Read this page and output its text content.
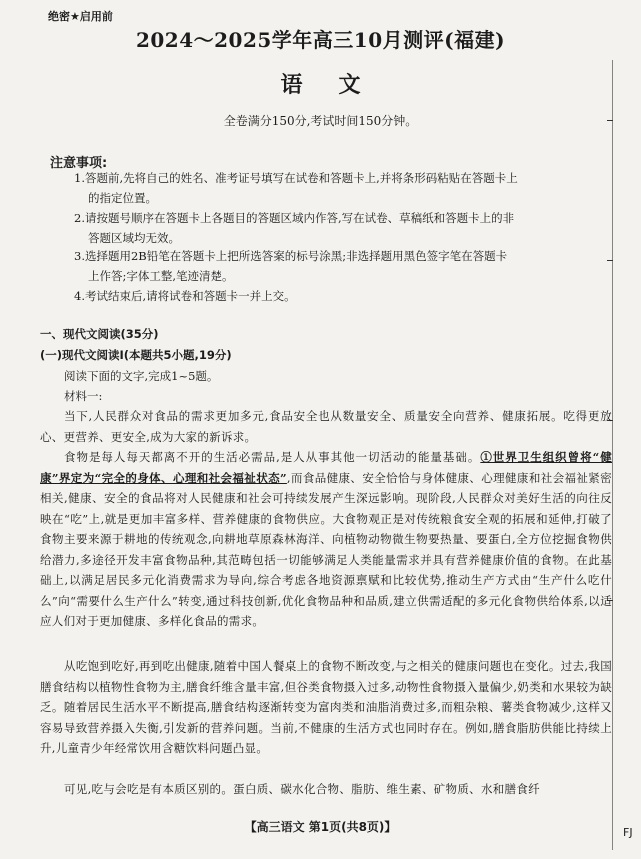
绝密★启用前
2024～2025学年高三10月测评(福建)
语文
全卷满分150分,考试时间150分钟。
注意事项:
1.答题前,先将自己的姓名、准考证号填写在试卷和答题卡上,并将条形码粘贴在答题卡上
的指定位置。
2.请按题号顺序在答题卡上各题目的答题区域内作答,写在试卷、草稿纸和答题卡上的非
答题区域均无效。
3.选择题用2B铅笔在答题卡上把所选答案的标号涂黑;非选择题用黑色签字笔在答题卡
上作答;字体工整,笔迹清楚。
4.考试结束后,请将试卷和答题卡一并上交。
一、现代文阅读(35分)
(一)现代文阅读Ⅰ(本题共5小题,19分)
阅读下面的文字,完成1~5题。
材料一:
当下,人民群众对食品的需求更加多元,食品安全也从数量安全、质量安全向营养、健康拓展。吃得更放心、更营养、更安全,成为大家的新诉求。
食物是每人每天都离不开的生活必需品,是人从事其他一切活动的能量基础。①世界卫生组织曾将“健康”界定为“完全的身体、心理和社会福祉状态”,而食品健康、安全恰恰与身体健康、心理健康和社会福祉紧密相关,健康、安全的食品将对人民健康和社会可持续发展产生深远影响。现阶段,人民群众对美好生活的向往反映在“吃”上,就是更加丰富多样、营养健康的食物供应。大食物观正是对传统粮食安全观的拓展和延伸,打破了食物主要来源于耕地的传统观念,向耕地草原森林海洋、向植物动物微生物要热量、要蛋白,全方位挖掘食物供给潜力,多途径开发丰富食物品种,其范畴包括一切能够满足人类能量需求并具有营养健康价值的食物。在此基础上,以满足居民多元化消费需求为导向,综合考虑各地资源禀赋和比较优势,推动生产方式由“生产什么吃什么”向“需要什么生产什么”转变,通过科技创新,优化食物品种和品质,建立供需适配的多元化食物供给体系,以适应人们对于更加健康、多样化食品的需求。
从吃饱到吃好,再到吃出健康,随着中国人餐桌上的食物不断改变,与之相关的健康问题也在变化。过去,我国膳食结构以植物性食物为主,膳食纤维含量丰富,但谷类食物摄入过多,动物性食物摄入量偏少,奶类和水果较为缺乏。随着居民生活水平不断提高,膳食结构逐渐转变为富肉类和油脂消费过多,而粗杂粮、薯类食物减少,这样又容易导致营养摄入失衡,引发新的营养问题。当前,不健康的生活方式也同时存在。例如,膳食脂肪供能比持续上升,儿童青少年经常饮用含糖饮料问题凸显。
可见,吃与会吃是有本质区别的。蛋白质、碳水化合物、脂肪、维生素、矿物质、水和膳食纤
【高三语文 第1页(共8页)】	FJ
